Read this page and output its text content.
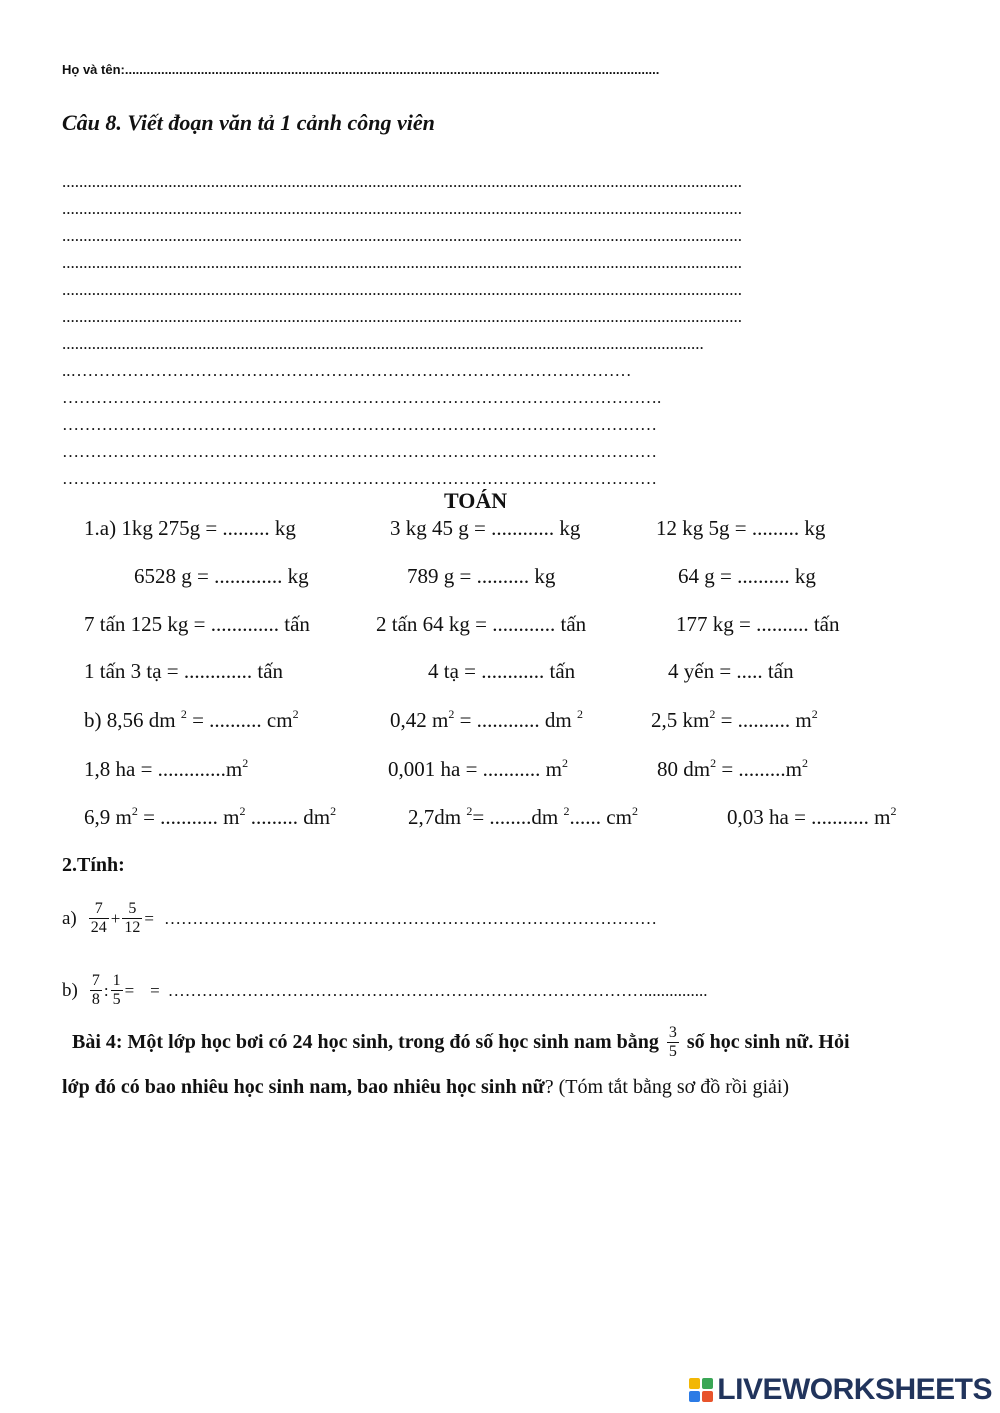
Họ và tên:....................................................................................................................................................
Câu 8. Viết đoạn văn tả 1 cảnh công viên
................................................................................................................................................................
................................................................................................................................................................
................................................................................................................................................................
................................................................................................................................................................
................................................................................................................................................................
................................................................................................................................................................
.......................................................................................................................................................
..………………………………………………………………………………………
…………………………………………………………………………………………….
……………………………………………………………………………………………
……………………………………………………………………………………………
……………………………………………………………………………………………
TOÁN
1.a) 1kg 275g = ......... kg	3 kg 45 g = ............ kg	12 kg 5g = ......... kg
6528 g = ............. kg	789 g = .......... kg	64 g = .......... kg
7 tấn 125 kg = ............. tấn	2 tấn 64 kg = ............ tấn	177 kg = .......... tấn
1 tấn 3 tạ = ............. tấn	4 tạ = ............ tấn	4 yến = ..... tấn
b) 8,56 dm $^2$ = .......... $cm^2$	0,42 $m^2$ = ............ dm $^2$	2,5 $km^2$ = .......... $m^2$
1,8 ha = $.............m^2$	0,001 ha = ........... $m^2$	80 $dm^2 = .........m^2$
6,9 $m^2$ = ........... $m^2$ ......... $dm^2$	2,7dm $^2$= ........dm $^2$...... $cm^2$	0,03 ha = ........... $m^2$
2.Tính:
$a) \frac{7}{24} + \frac{5}{12}$ = ……………………………………………………………………………
$b) \frac{7}{8}$ : $\frac{1}{5}$ = = …………………………………………………………………………...............
Bài 4: Một lớp học bơi có 24 học sinh, trong đó số học sinh nam bằng $\frac{3}{5}$ số học sinh nữ. Hỏi
lớp đó có bao nhiêu học sinh nam, bao nhiêu học sinh nữ? (Tóm tắt bằng sơ đồ rồi giải)
LIVEWORKSHEETS
